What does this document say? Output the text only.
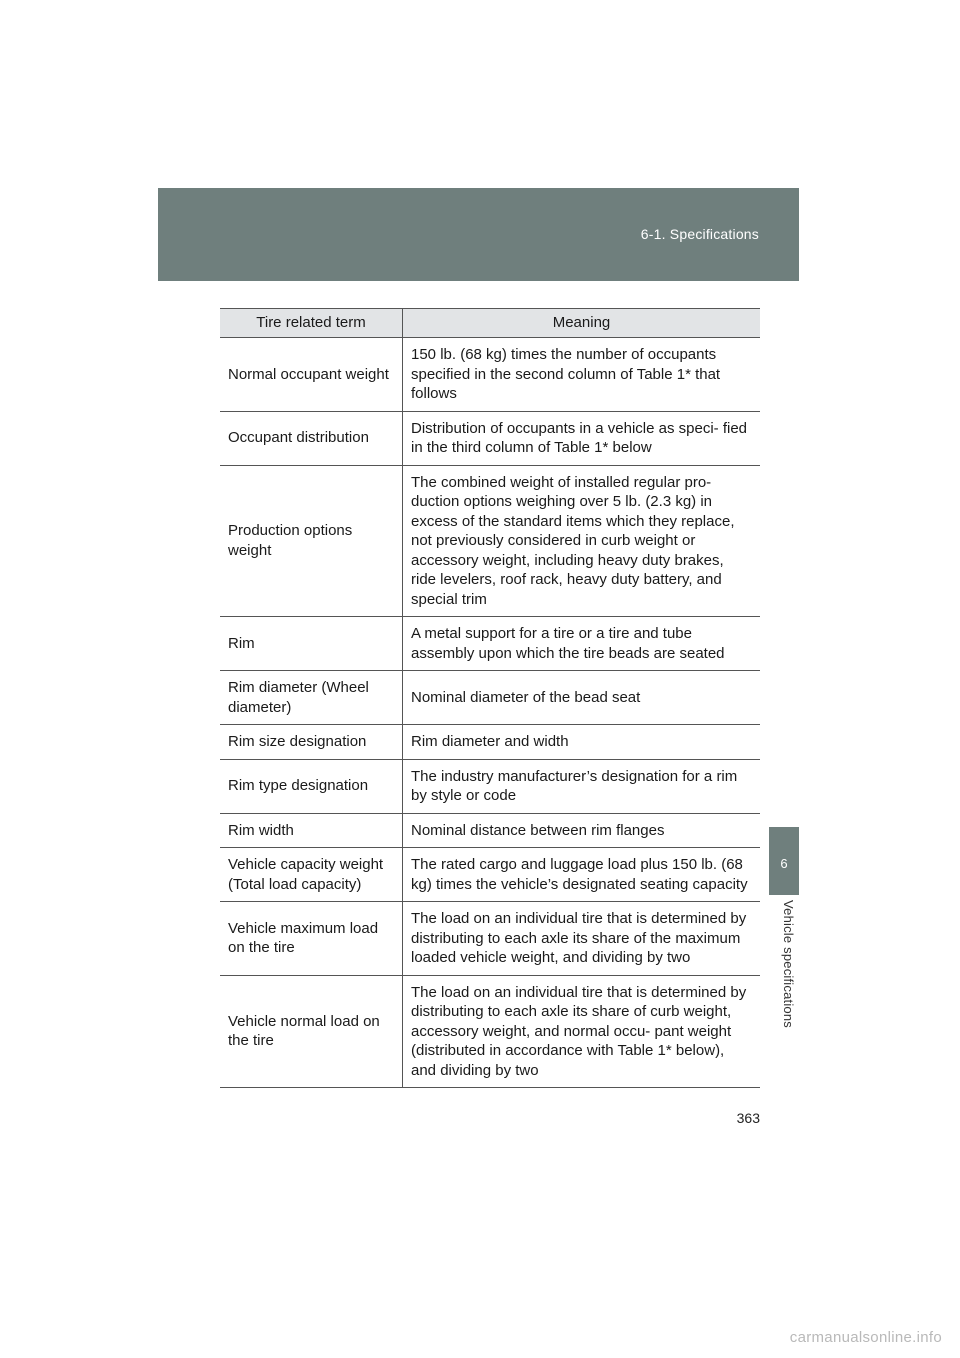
6-1. Specifications
6
Vehicle specifications
Tire related term	Meaning
Normal occupant weight	150 lb. (68 kg) times the number of occupants specified in the second column of Table 1* that follows
Occupant distribution	Distribution of occupants in a vehicle as speci- fied in the third column of Table 1* below
Production options weight	The combined weight of installed regular pro- duction options weighing over 5 lb. (2.3 kg) in excess of the standard items which they replace, not previously considered in curb weight or accessory weight, including heavy duty brakes, ride levelers, roof rack, heavy duty battery, and special trim
Rim	A metal support for a tire or a tire and tube assembly upon which the tire beads are seated
Rim diameter (Wheel diameter)	Nominal diameter of the bead seat
Rim size designation	Rim diameter and width
Rim type designation	The industry manufacturer’s designation for a rim by style or code
Rim width	Nominal distance between rim flanges
Vehicle capacity weight (Total load capacity)	The rated cargo and luggage load plus 150 lb. (68 kg) times the vehicle’s designated seating capacity
Vehicle maximum load on the tire	The load on an individual tire that is determined by distributing to each axle its share of the maximum loaded vehicle weight, and dividing by two
Vehicle normal load on the tire	The load on an individual tire that is determined by distributing to each axle its share of curb weight, accessory weight, and normal occu- pant weight (distributed in accordance with Table 1* below), and dividing by two
363
carmanualsonline.info
